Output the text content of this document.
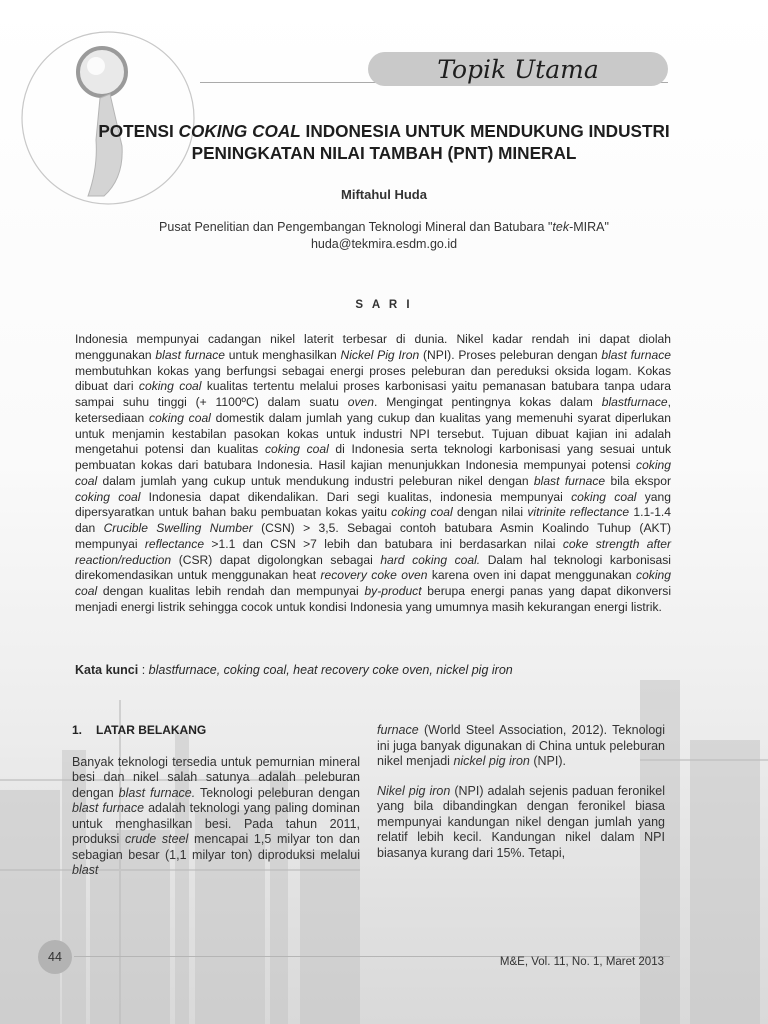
Topik Utama
POTENSI COKING COAL INDONESIA UNTUK MENDUKUNG INDUSTRI PENINGKATAN NILAI TAMBAH (PNT) MINERAL
Miftahul Huda
Pusat Penelitian dan Pengembangan Teknologi Mineral dan Batubara "tek-MIRA"
huda@tekmira.esdm.go.id
S A R I
Indonesia mempunyai cadangan nikel laterit terbesar di dunia. Nikel kadar rendah ini dapat diolah menggunakan blast furnace untuk menghasilkan Nickel Pig Iron (NPI). Proses peleburan dengan blast furnace membutuhkan kokas yang berfungsi sebagai energi proses peleburan dan pereduksi oksida logam. Kokas dibuat dari coking coal kualitas tertentu melalui proses karbonisasi yaitu pemanasan batubara tanpa udara sampai suhu tinggi (+ 1100ºC) dalam suatu oven. Mengingat pentingnya kokas dalam blastfurnace, ketersediaan coking coal domestik dalam jumlah yang cukup dan kualitas yang memenuhi syarat diperlukan untuk menjamin kestabilan pasokan kokas untuk industri NPI tersebut. Tujuan dibuat kajian ini adalah mengetahui potensi dan kualitas coking coal di Indonesia serta teknologi karbonisasi yang sesuai untuk pembuatan kokas dari batubara Indonesia. Hasil kajian menunjukkan Indonesia mempunyai potensi coking coal dalam jumlah yang cukup untuk mendukung industri peleburan nikel dengan blast furnace bila ekspor coking coal Indonesia dapat dikendalikan. Dari segi kualitas, indonesia mempunyai coking coal yang dipersyaratkan untuk bahan baku pembuatan kokas yaitu coking coal dengan nilai vitrinite reflectance 1.1-1.4 dan Crucible Swelling Number (CSN) > 3,5. Sebagai contoh batubara Asmin Koalindo Tuhup (AKT) mempunyai reflectance >1.1 dan CSN >7 lebih dan batubara ini berdasarkan nilai coke strength after reaction/reduction (CSR) dapat digolongkan sebagai hard coking coal. Dalam hal teknologi karbonisasi direkomendasikan untuk menggunakan heat recovery coke oven karena oven ini dapat menggunakan coking coal dengan kualitas lebih rendah dan mempunyai by-product berupa energi panas yang dapat dikonversi menjadi energi listrik sehingga cocok untuk kondisi Indonesia yang umumnya masih kekurangan energi listrik.
Kata kunci : blastfurnace, coking coal, heat recovery coke oven, nickel pig iron
1. LATAR BELAKANG

Banyak teknologi tersedia untuk pemurnian mineral besi dan nikel salah satunya adalah peleburan dengan blast furnace. Teknologi peleburan dengan blast furnace adalah teknologi yang paling dominan untuk menghasilkan besi. Pada tahun 2011, produksi crude steel mencapai 1,5 milyar ton dan sebagian besar (1,1 milyar ton) diproduksi melalui blast

furnace (World Steel Association, 2012). Teknologi ini juga banyak digunakan di China untuk peleburan nikel menjadi nickel pig iron (NPI).

Nikel pig iron (NPI) adalah sejenis paduan feronikel yang bila dibandingkan dengan feronikel biasa mempunyai kandungan nikel dengan jumlah yang relatif lebih kecil. Kandungan nikel dalam NPI biasanya kurang dari 15%. Tetapi,

44	M&E, Vol. 11, No. 1, Maret 2013
